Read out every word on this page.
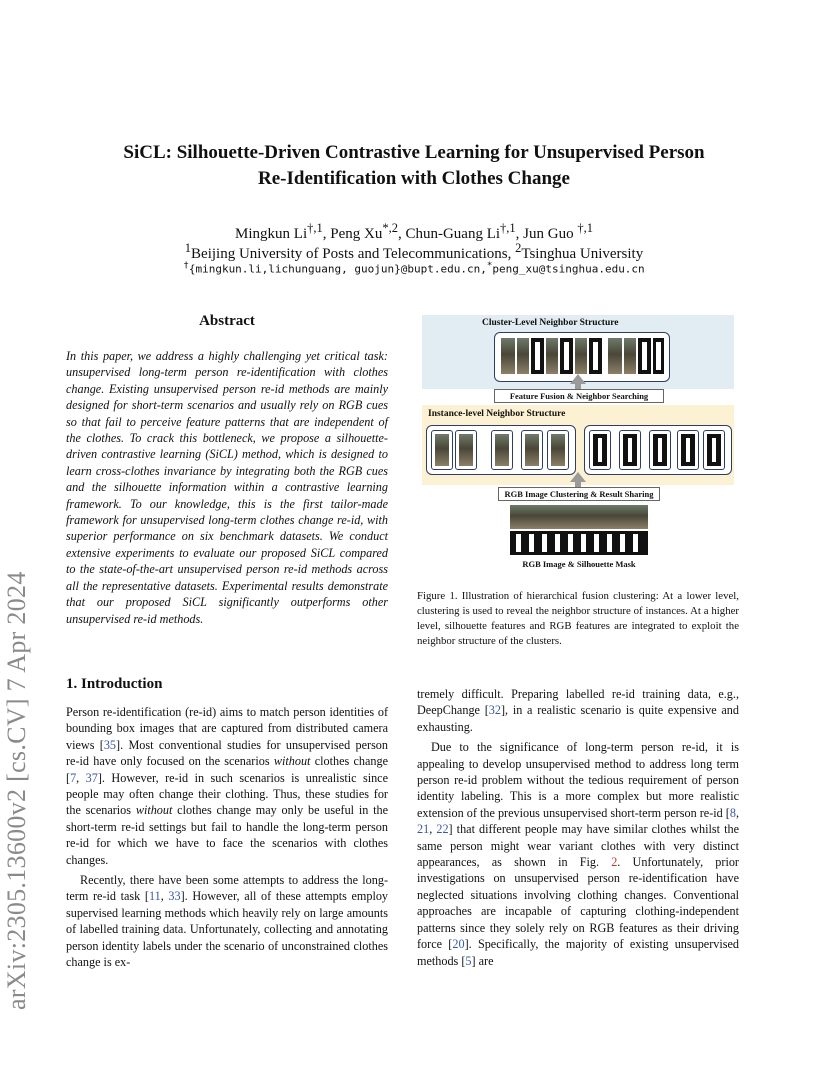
arXiv:2305.13600v2 [cs.CV] 7 Apr 2024
SiCL: Silhouette-Driven Contrastive Learning for Unsupervised Person
Re-Identification with Clothes Change
Mingkun $Li^{\dagger,1}$, Peng $Xu^{*,2}$, Chun-Guang $Li^{\dagger,1}$, Jun Guo $^{\dagger,1}$
$^1$Beijing University of Posts and Telecommunications, $^2$Tsinghua University
†{mingkun.li,lichunguang, guojun}@bupt.edu.cn,*peng_xu@tsinghua.edu.cn
Abstract
In this paper, we address a highly challenging yet critical task: unsupervised long-term person re-identification with clothes change. Existing unsupervised person re-id methods are mainly designed for short-term scenarios and usually rely on RGB cues so that fail to perceive feature patterns that are independent of the clothes. To crack this bottleneck, we propose a silhouette-driven contrastive learning (SiCL) method, which is designed to learn cross-clothes invariance by integrating both the RGB cues and the silhouette information within a contrastive learning framework. To our knowledge, this is the first tailor-made framework for unsupervised long-term clothes change re-id, with superior performance on six benchmark datasets. We conduct extensive experiments to evaluate our proposed SiCL compared to the state-of-the-art unsupervised person re-id methods across all the representative datasets. Experimental results demonstrate that our proposed SiCL significantly outperforms other unsupervised re-id methods.
Cluster-Level Neighbor Structure
Feature Fusion & Neighbor Searching
Instance-level Neighbor Structure
RGB Image Clustering & Result Sharing
RGB Image & Silhouette Mask
Figure 1. Illustration of hierarchical fusion clustering: At a lower level, clustering is used to reveal the neighbor structure of instances. At a higher level, silhouette features and RGB features are integrated to exploit the neighbor structure of the clusters.
1. Introduction

Person re-identification (re-id) aims to match person identities of bounding box images that are captured from distributed camera views [35]. Most conventional studies for unsupervised person re-id have only focused on the scenarios without clothes change [7, 37]. However, re-id in such scenarios is unrealistic since people may often change their clothing. Thus, these studies for the scenarios without clothes change may only be useful in the short-term re-id settings but fail to handle the long-term person re-id for which we have to face the scenarios with clothes changes.

Recently, there have been some attempts to address the long-term re-id task [11, 33]. However, all of these attempts employ supervised learning methods which heavily rely on large amounts of labelled training data. Unfortunately, collecting and annotating person identity labels under the scenario of unconstrained clothes change is ex-

tremely difficult. Preparing labelled re-id training data, e.g., DeepChange [32], in a realistic scenario is quite expensive and exhausting.

Due to the significance of long-term person re-id, it is appealing to develop unsupervised method to address long term person re-id problem without the tedious requirement of person identity labeling. This is a more complex but more realistic extension of the previous unsupervised short-term person re-id [8, 21, 22] that different people may have similar clothes whilst the same person might wear variant clothes with very distinct appearances, as shown in Fig. 2. Unfortunately, prior investigations on unsupervised person re-identification have neglected situations involving clothing changes. Conventional approaches are incapable of capturing clothing-independent patterns since they solely rely on RGB features as their driving force [20]. Specifically, the majority of existing unsupervised methods [5] are
